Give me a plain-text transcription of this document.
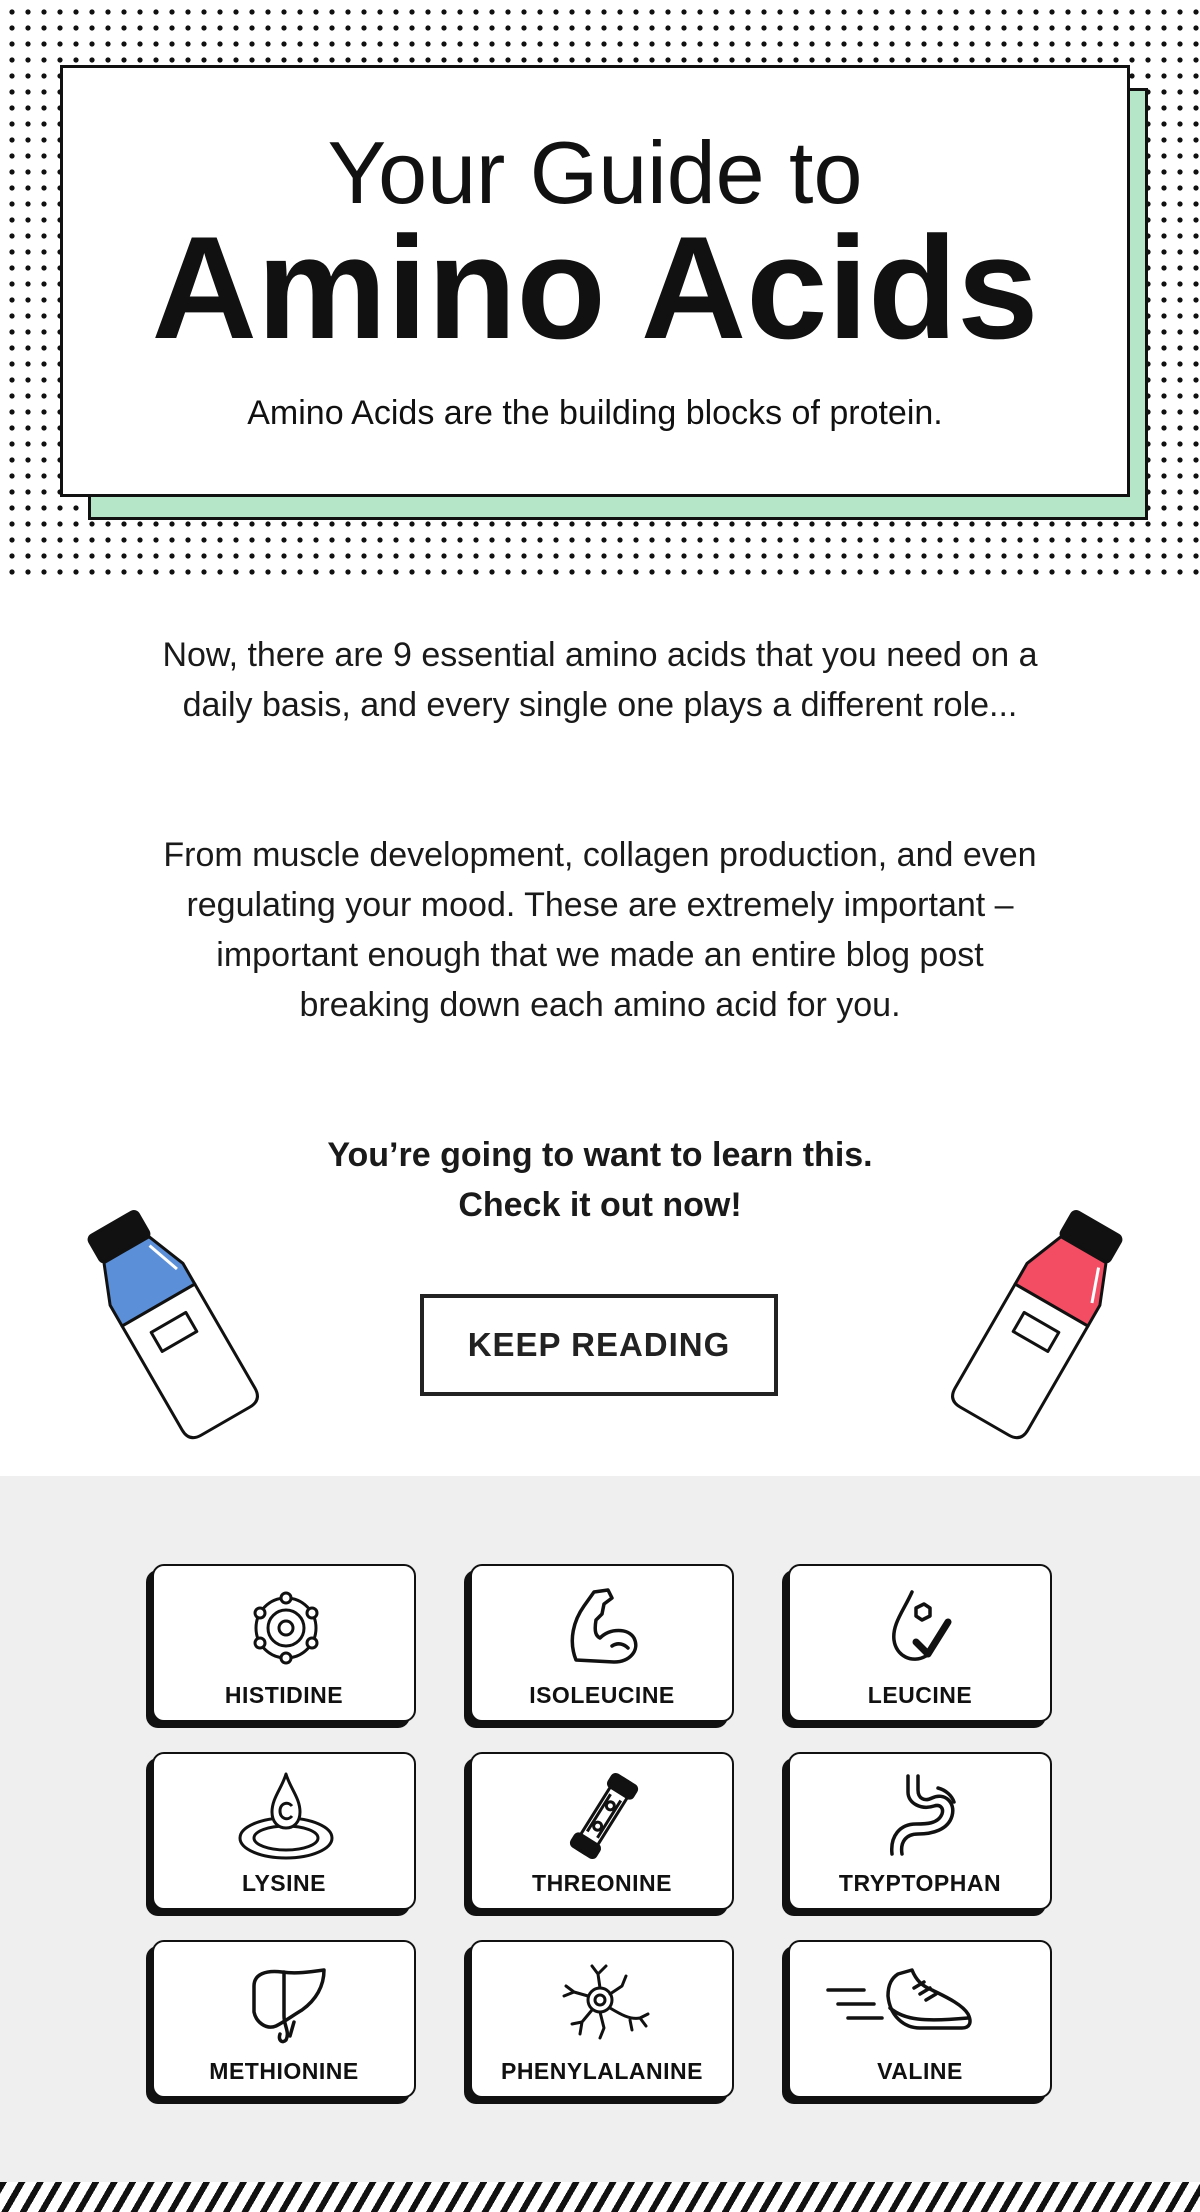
Your Guide to
Amino Acids
Amino Acids are the building blocks of protein.

Now, there are 9 essential amino acids that you need on a daily basis, and every single one plays a different role...

From muscle development, collagen production, and even regulating your mood. These are extremely important – important enough that we made an entire blog post breaking down each amino acid for you.

You’re going to want to learn this.
Check it out now!

KEEP READING
HISTIDINE	ISOLEUCINE	LEUCINE
LYSINE	THREONINE	TRYPTOPHAN
METHIONINE	PHENYLALANINE	VALINE
